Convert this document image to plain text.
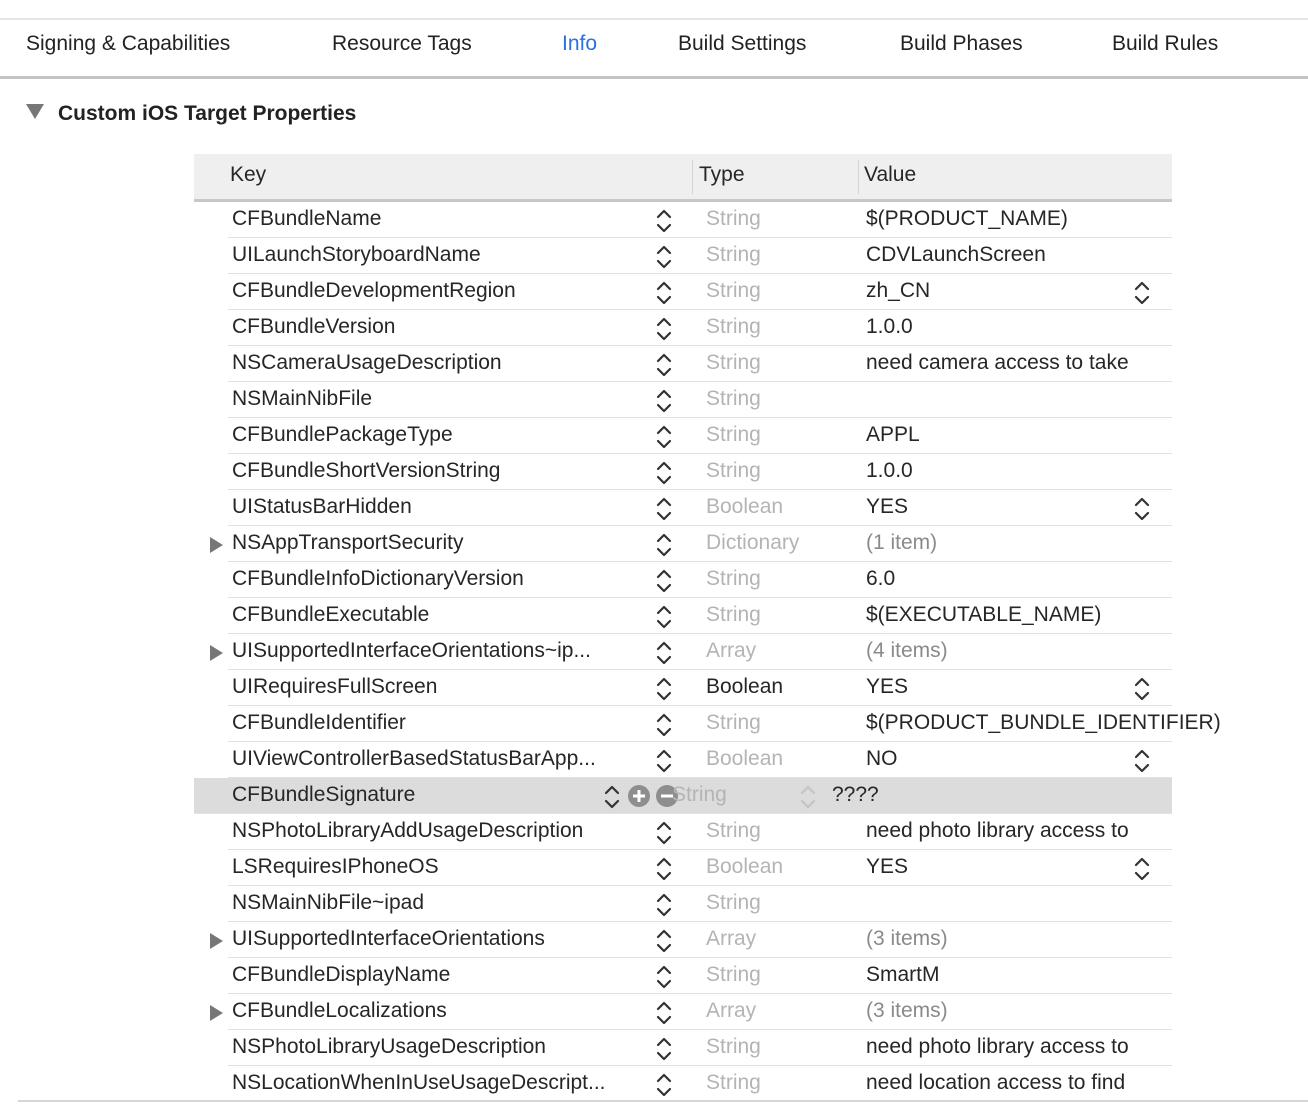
Signing & Capabilities	Resource Tags	Info	Build Settings	Build Phases	Build Rules
Custom iOS Target Properties
Key	Type	Value
CFBundleName	String	$(PRODUCT_NAME)
UILaunchStoryboardName	String	CDVLaunchScreen
CFBundleDevelopmentRegion	String	zh_CN
CFBundleVersion	String	1.0.0
NSCameraUsageDescription	String	need camera access to take
NSMainNibFile	String
CFBundlePackageType	String	APPL
CFBundleShortVersionString	String	1.0.0
UIStatusBarHidden	Boolean	YES
NSAppTransportSecurity	Dictionary	(1 item)
CFBundleInfoDictionaryVersion	String	6.0
CFBundleExecutable	String	$(EXECUTABLE_NAME)
UISupportedInterfaceOrientations~ip...	Array	(4 items)
UIRequiresFullScreen	Boolean	YES
CFBundleIdentifier	String	$(PRODUCT_BUNDLE_IDENTIFIER)
UIViewControllerBasedStatusBarApp...	Boolean	NO
CFBundleSignature	String	????
NSPhotoLibraryAddUsageDescription	String	need photo library access to
LSRequiresIPhoneOS	Boolean	YES
NSMainNibFile~ipad	String
UISupportedInterfaceOrientations	Array	(3 items)
CFBundleDisplayName	String	SmartM
CFBundleLocalizations	Array	(3 items)
NSPhotoLibraryUsageDescription	String	need photo library access to
NSLocationWhenInUseUsageDescript...	String	need location access to find
